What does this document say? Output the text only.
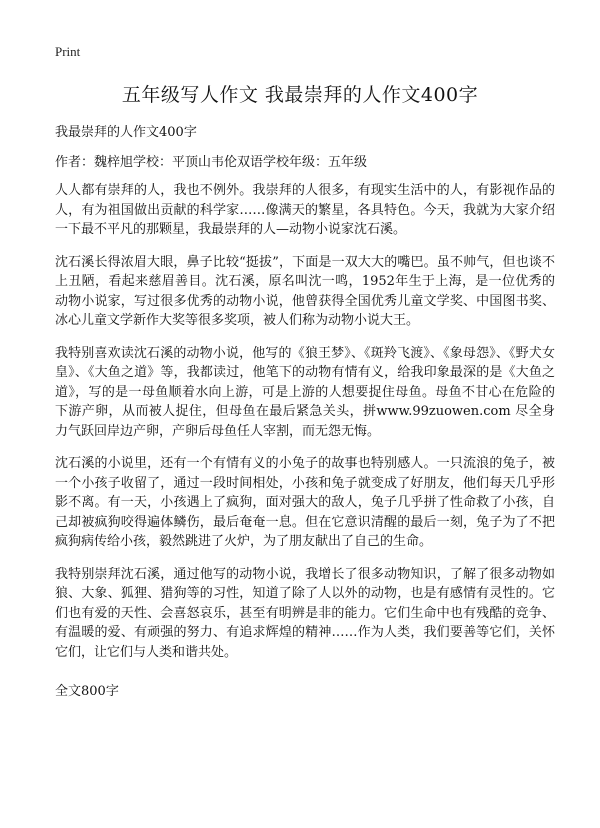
Print
五年级写人作文 我最崇拜的人作文400字
我最崇拜的人作文400字
作者：魏梓旭学校：平顶山韦伦双语学校年级：五年级

人人都有崇拜的人，我也不例外。我崇拜的人很多，有现实生活中的人，有影视作品的人，有为祖国做出贡献的科学家……像满天的繁星，各具特色。今天，我就为大家介绍一下最不平凡的那颗星，我最崇拜的人—动物小说家沈石溪。

沈石溪长得浓眉大眼，鼻子比较“挺拔”，下面是一双大大的嘴巴。虽不帅气，但也谈不上丑陋，看起来慈眉善目。沈石溪，原名叫沈一鸣，1952年生于上海，是一位优秀的动物小说家，写过很多优秀的动物小说，他曾获得全国优秀儿童文学奖、中国图书奖、冰心儿童文学新作大奖等很多奖项，被人们称为动物小说大王。

我特别喜欢读沈石溪的动物小说，他写的《狼王梦》、《斑羚飞渡》、《象母怨》、《野犬女皇》、《大鱼之道》等，我都读过，他笔下的动物有情有义，给我印象最深的是《大鱼之道》，写的是一母鱼顺着水向上游，可是上游的人想要捉住母鱼。母鱼不甘心在危险的下游产卵，从而被人捉住，但母鱼在最后紧急关头，拼www.99zuowen.com 尽全身力气跃回岸边产卵，产卵后母鱼任人宰割，而无怨无悔。

沈石溪的小说里，还有一个有情有义的小兔子的故事也特别感人。一只流浪的兔子，被一个小孩子收留了，通过一段时间相处，小孩和兔子就变成了好朋友，他们每天几乎形影不离。有一天，小孩遇上了疯狗，面对强大的敌人，兔子几乎拼了性命救了小孩，自己却被疯狗咬得遍体鳞伤，最后奄奄一息。但在它意识清醒的最后一刻，兔子为了不把疯狗病传给小孩，毅然跳进了火炉，为了朋友献出了自己的生命。

我特别崇拜沈石溪，通过他写的动物小说，我增长了很多动物知识，了解了很多动物如狼、大象、狐狸、猎狗等的习性，知道了除了人以外的动物，也是有感情有灵性的。它们也有爱的天性、会喜怒哀乐，甚至有明辨是非的能力。它们生命中也有残酷的竞争、有温暖的爱、有顽强的努力、有追求辉煌的精神……作为人类，我们要善等它们，关怀它们，让它们与人类和谐共处。

全文800字
